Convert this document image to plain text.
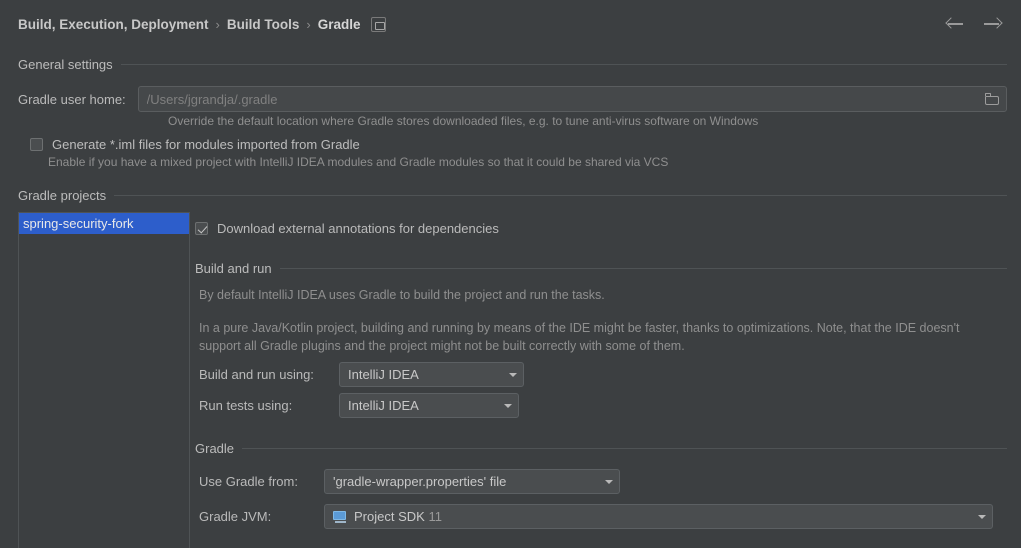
Build, Execution, Deployment › Build Tools › Gradle
General settings
Gradle user home: /Users/jgrandja/.gradle
Override the default location where Gradle stores downloaded files, e.g. to tune anti-virus software on Windows
Generate *.iml files for modules imported from Gradle
Enable if you have a mixed project with IntelliJ IDEA modules and Gradle modules so that it could be shared via VCS
Gradle projects
spring-security-fork	Download external annotations for dependencies
Build and run
By default IntelliJ IDEA uses Gradle to build the project and run the tasks.
In a pure Java/Kotlin project, building and running by means of the IDE might be faster, thanks to optimizations. Note, that the IDE doesn't support all Gradle plugins and the project might not be built correctly with some of them.
Build and run using:	IntelliJ IDEA
Run tests using:	IntelliJ IDEA
Gradle
Use Gradle from:	'gradle-wrapper.properties' file
Gradle JVM:	Project SDK 11
